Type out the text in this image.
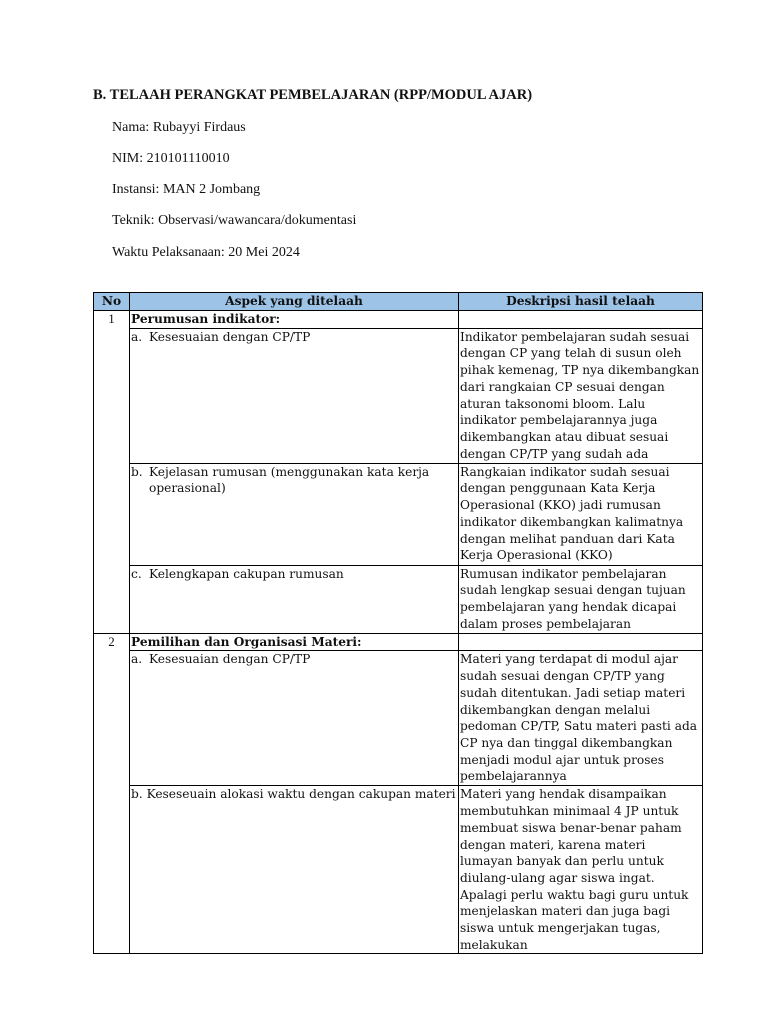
B. TELAAH PERANGKAT PEMBELAJARAN (RPP/MODUL AJAR)
Nama: Rubayyi Firdaus
NIM: 210101110010
Instansi: MAN 2 Jombang
Teknik: Observasi/wawancara/dokumentasi
Waktu Pelaksanaan: 20 Mei 2024
No	Aspek yang ditelaah	Deskripsi hasil telaah
1	Perumusan indikator:	

	a. Kesesuaian dengan CP/TP	Indikator pembelajaran sudah sesuai dengan CP yang telah di susun oleh pihak kemenag, TP nya dikembangkan dari rangkaian CP sesuai dengan aturan taksonomi bloom. Lalu indikator pembelajarannya juga dikembangkan atau dibuat sesuai dengan CP/TP yang sudah ada

	b. Kejelasan rumusan (menggunakan kata kerja operasional)	Rangkaian indikator sudah sesuai dengan penggunaan Kata Kerja Operasional (KKO) jadi rumusan indikator dikembangkan kalimatnya dengan melihat panduan dari Kata Kerja Operasional (KKO)

	c. Kelengkapan cakupan rumusan	Rumusan indikator pembelajaran sudah lengkap sesuai dengan tujuan pembelajaran yang hendak dicapai dalam proses pembelajaran
2	Pemilihan dan Organisasi Materi:	

	a. Kesesuaian dengan CP/TP	Materi yang terdapat di modul ajar sudah sesuai dengan CP/TP yang sudah ditentukan. Jadi setiap materi dikembangkan dengan melalui pedoman CP/TP, Satu materi pasti ada CP nya dan tinggal dikembangkan menjadi modul ajar untuk proses pembelajarannya

	b. Keseseuain alokasi waktu dengan cakupan materi	Materi yang hendak disampaikan membutuhkan minimaal 4 JP untuk membuat siswa benar-benar paham dengan materi, karena materi lumayan banyak dan perlu untuk diulang-ulang agar siswa ingat. Apalagi perlu waktu bagi guru untuk menjelaskan materi dan juga bagi siswa untuk mengerjakan tugas, melakukan
